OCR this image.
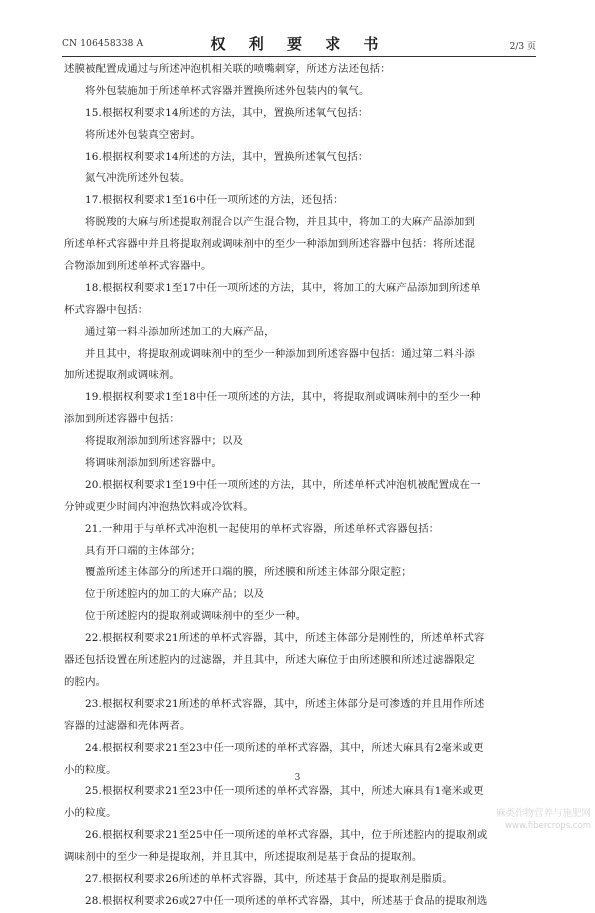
CN 106458338 A	权 利 要 求 书	2/3 页
述膜被配置成通过与所述冲泡机相关联的喷嘴刺穿，所述方法还包括：
将外包装施加于所述单杯式容器并置换所述外包装内的氧气。
15.根据权利要求14所述的方法，其中，置换所述氧气包括：
将所述外包装真空密封。
16.根据权利要求14所述的方法，其中，置换所述氧气包括：
氮气冲洗所述外包装。
17.根据权利要求1至16中任一项所述的方法，还包括：
将脱羧的大麻与所述提取剂混合以产生混合物，并且其中，将加工的大麻产品添加到
所述单杯式容器中并且将提取剂或调味剂中的至少一种添加到所述容器中包括：将所述混
合物添加到所述单杯式容器中。
18.根据权利要求1至17中任一项所述的方法，其中，将加工的大麻产品添加到所述单
杯式容器中包括：
通过第一料斗添加所述加工的大麻产品，
并且其中，将提取剂或调味剂中的至少一种添加到所述容器中包括：通过第二料斗添
加所述提取剂或调味剂。
19.根据权利要求1至18中任一项所述的方法，其中，将提取剂或调味剂中的至少一种
添加到所述容器中包括：
将提取剂添加到所述容器中；以及
将调味剂添加到所述容器中。
20.根据权利要求1至19中任一项所述的方法，其中，所述单杯式冲泡机被配置成在一
分钟或更少时间内冲泡热饮料或冷饮料。
21.一种用于与单杯式冲泡机一起使用的单杯式容器，所述单杯式容器包括：
具有开口端的主体部分；
覆盖所述主体部分的所述开口端的膜，所述膜和所述主体部分限定腔；
位于所述腔内的加工的大麻产品；以及
位于所述腔内的提取剂或调味剂中的至少一种。
22.根据权利要求21所述的单杯式容器，其中，所述主体部分是刚性的，所述单杯式容
器还包括设置在所述腔内的过滤器，并且其中，所述大麻位于由所述膜和所述过滤器限定
的腔内。
23.根据权利要求21所述的单杯式容器，其中，所述主体部分是可渗透的并且用作所述
容器的过滤器和壳体两者。
24.根据权利要求21至23中任一项所述的单杯式容器，其中，所述大麻具有2毫米或更
小的粒度。
25.根据权利要求21至23中任一项所述的单杯式容器，其中，所述大麻具有1毫米或更
小的粒度。
26.根据权利要求21至25中任一项所述的单杯式容器，其中，位于所述腔内的提取剂或
调味剂中的至少一种是提取剂，并且其中，所述提取剂是基于食品的提取剂。
27.根据权利要求26所述的单杯式容器，其中，所述基于食品的提取剂是脂质。
28.根据权利要求26或27中任一项所述的单杯式容器，其中，所述基于食品的提取剂选
3
麻类作物营养与施肥网
www.fibercrops.com
